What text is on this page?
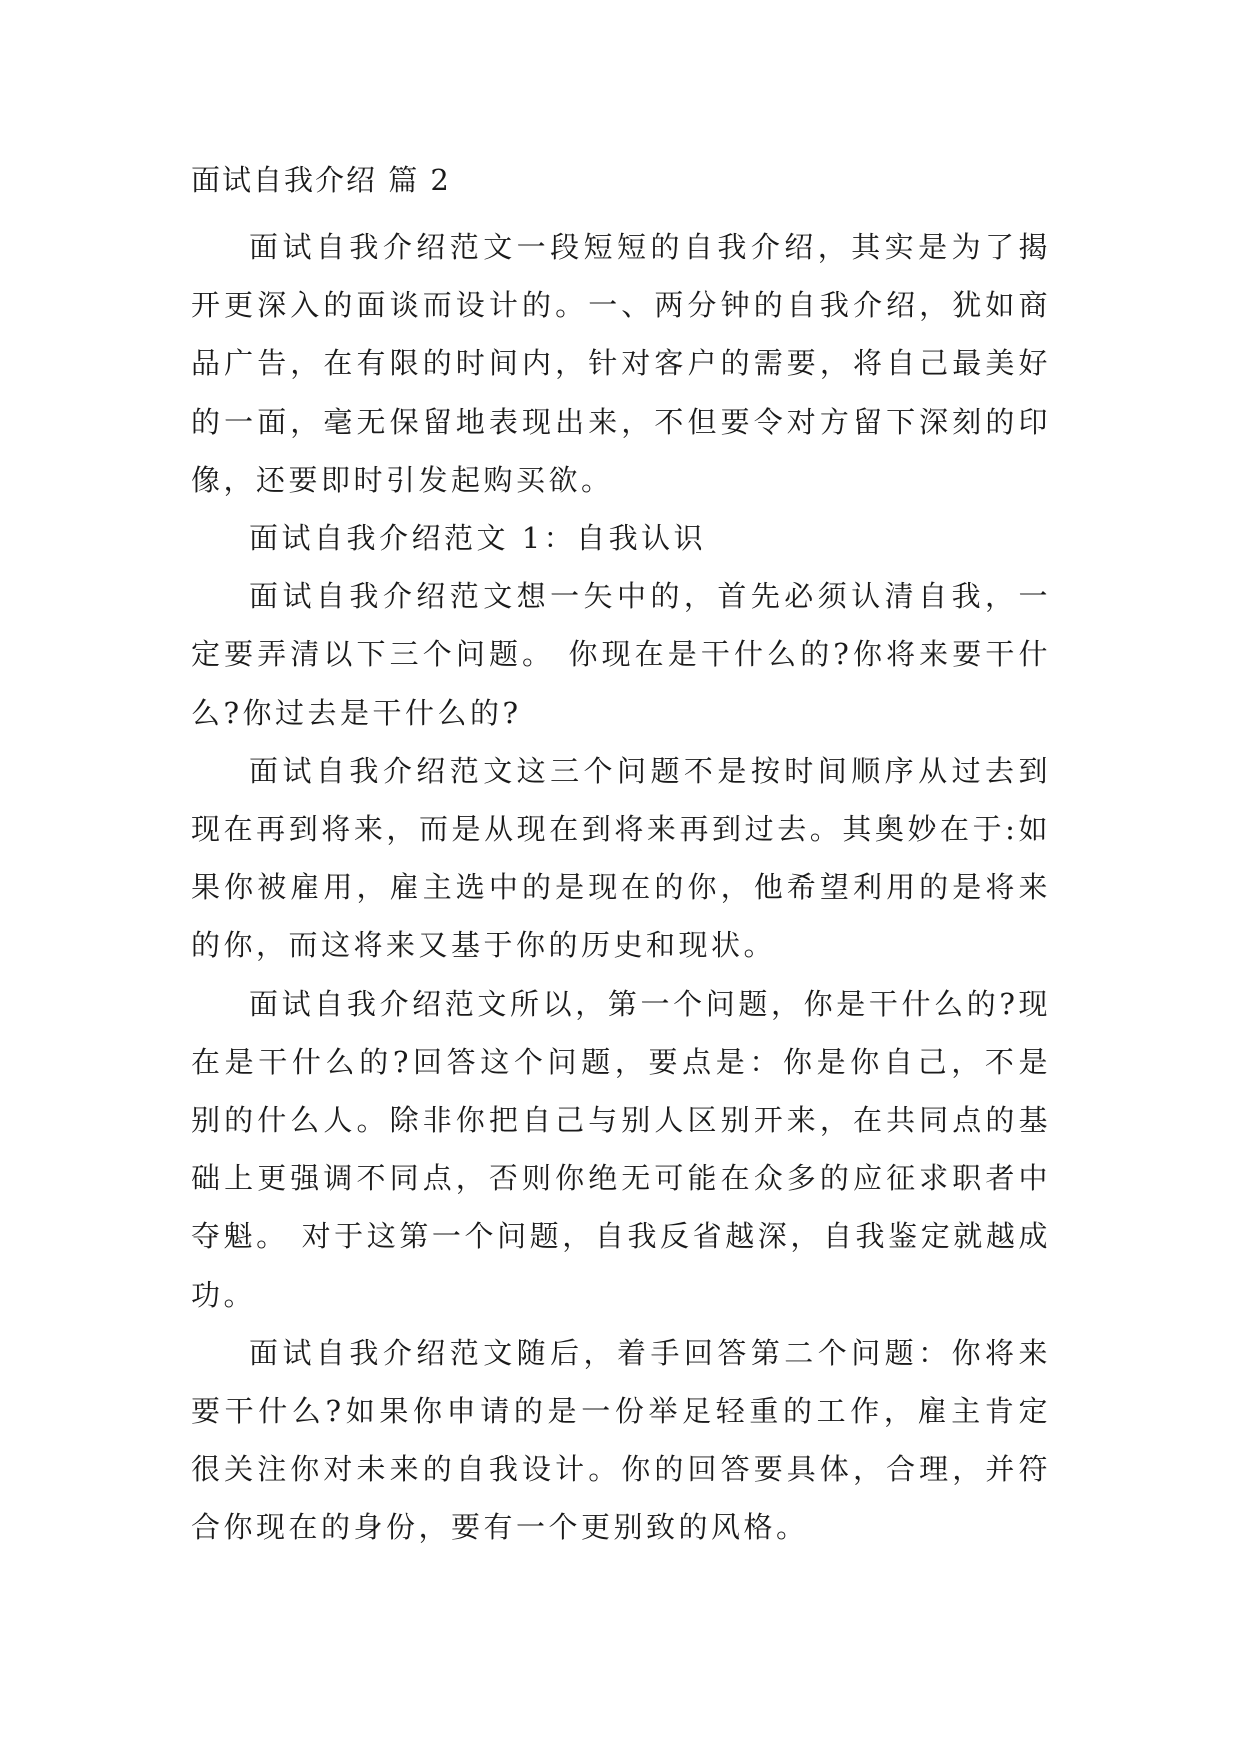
面试自我介绍 篇 2

面试自我介绍范文一段短短的自我介绍，其实是为了揭开更深入的面谈而设计的。一、两分钟的自我介绍，犹如商品广告，在有限的时间内，针对客户的需要，将自己最美好的一面，毫无保留地表现出来，不但要令对方留下深刻的印像，还要即时引发起购买欲。

面试自我介绍范文 1：自我认识

面试自我介绍范文想一矢中的，首先必须认清自我，一定要弄清以下三个问题。 你现在是干什么的?你将来要干什么?你过去是干什么的?

面试自我介绍范文这三个问题不是按时间顺序从过去到现在再到将来，而是从现在到将来再到过去。其奥妙在于:如果你被雇用，雇主选中的是现在的你，他希望利用的是将来的你，而这将来又基于你的历史和现状。

面试自我介绍范文所以，第一个问题，你是干什么的?现在是干什么的?回答这个问题，要点是：你是你自己，不是别的什么人。除非你把自己与别人区别开来，在共同点的基础上更强调不同点，否则你绝无可能在众多的应征求职者中夺魁。 对于这第一个问题，自我反省越深，自我鉴定就越成功。

面试自我介绍范文随后，着手回答第二个问题：你将来要干什么?如果你申请的是一份举足轻重的工作，雇主肯定很关注你对未来的自我设计。你的回答要具体，合理，并符合你现在的身份，要有一个更别致的风格。
